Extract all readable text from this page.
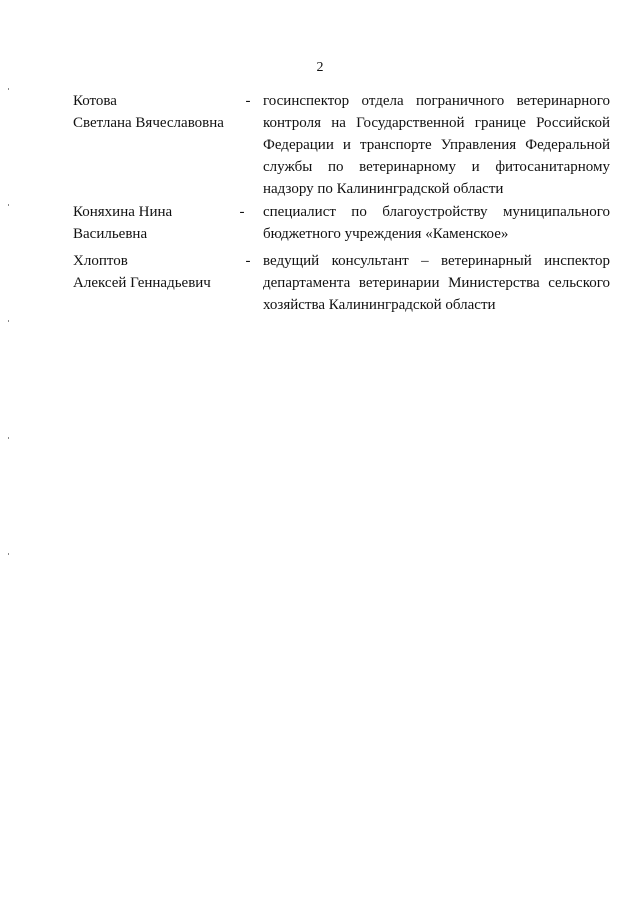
2
Котова
Светлана Вячеславовна
- госинспектор отдела пограничного ветеринарного контроля на Государственной границе Российской Федерации и транспорте Управления Федеральной службы по ветеринарному и фитосанитарному надзору по Калининградской области
Коняхина Нина
Васильевна
- специалист по благоустройству муниципального бюджетного учреждения «Каменское»
Хлоптов
Алексей Геннадьевич
- ведущий консультант – ветеринарный инспектор департамента ветеринарии Министерства сельского хозяйства Калининградской области
